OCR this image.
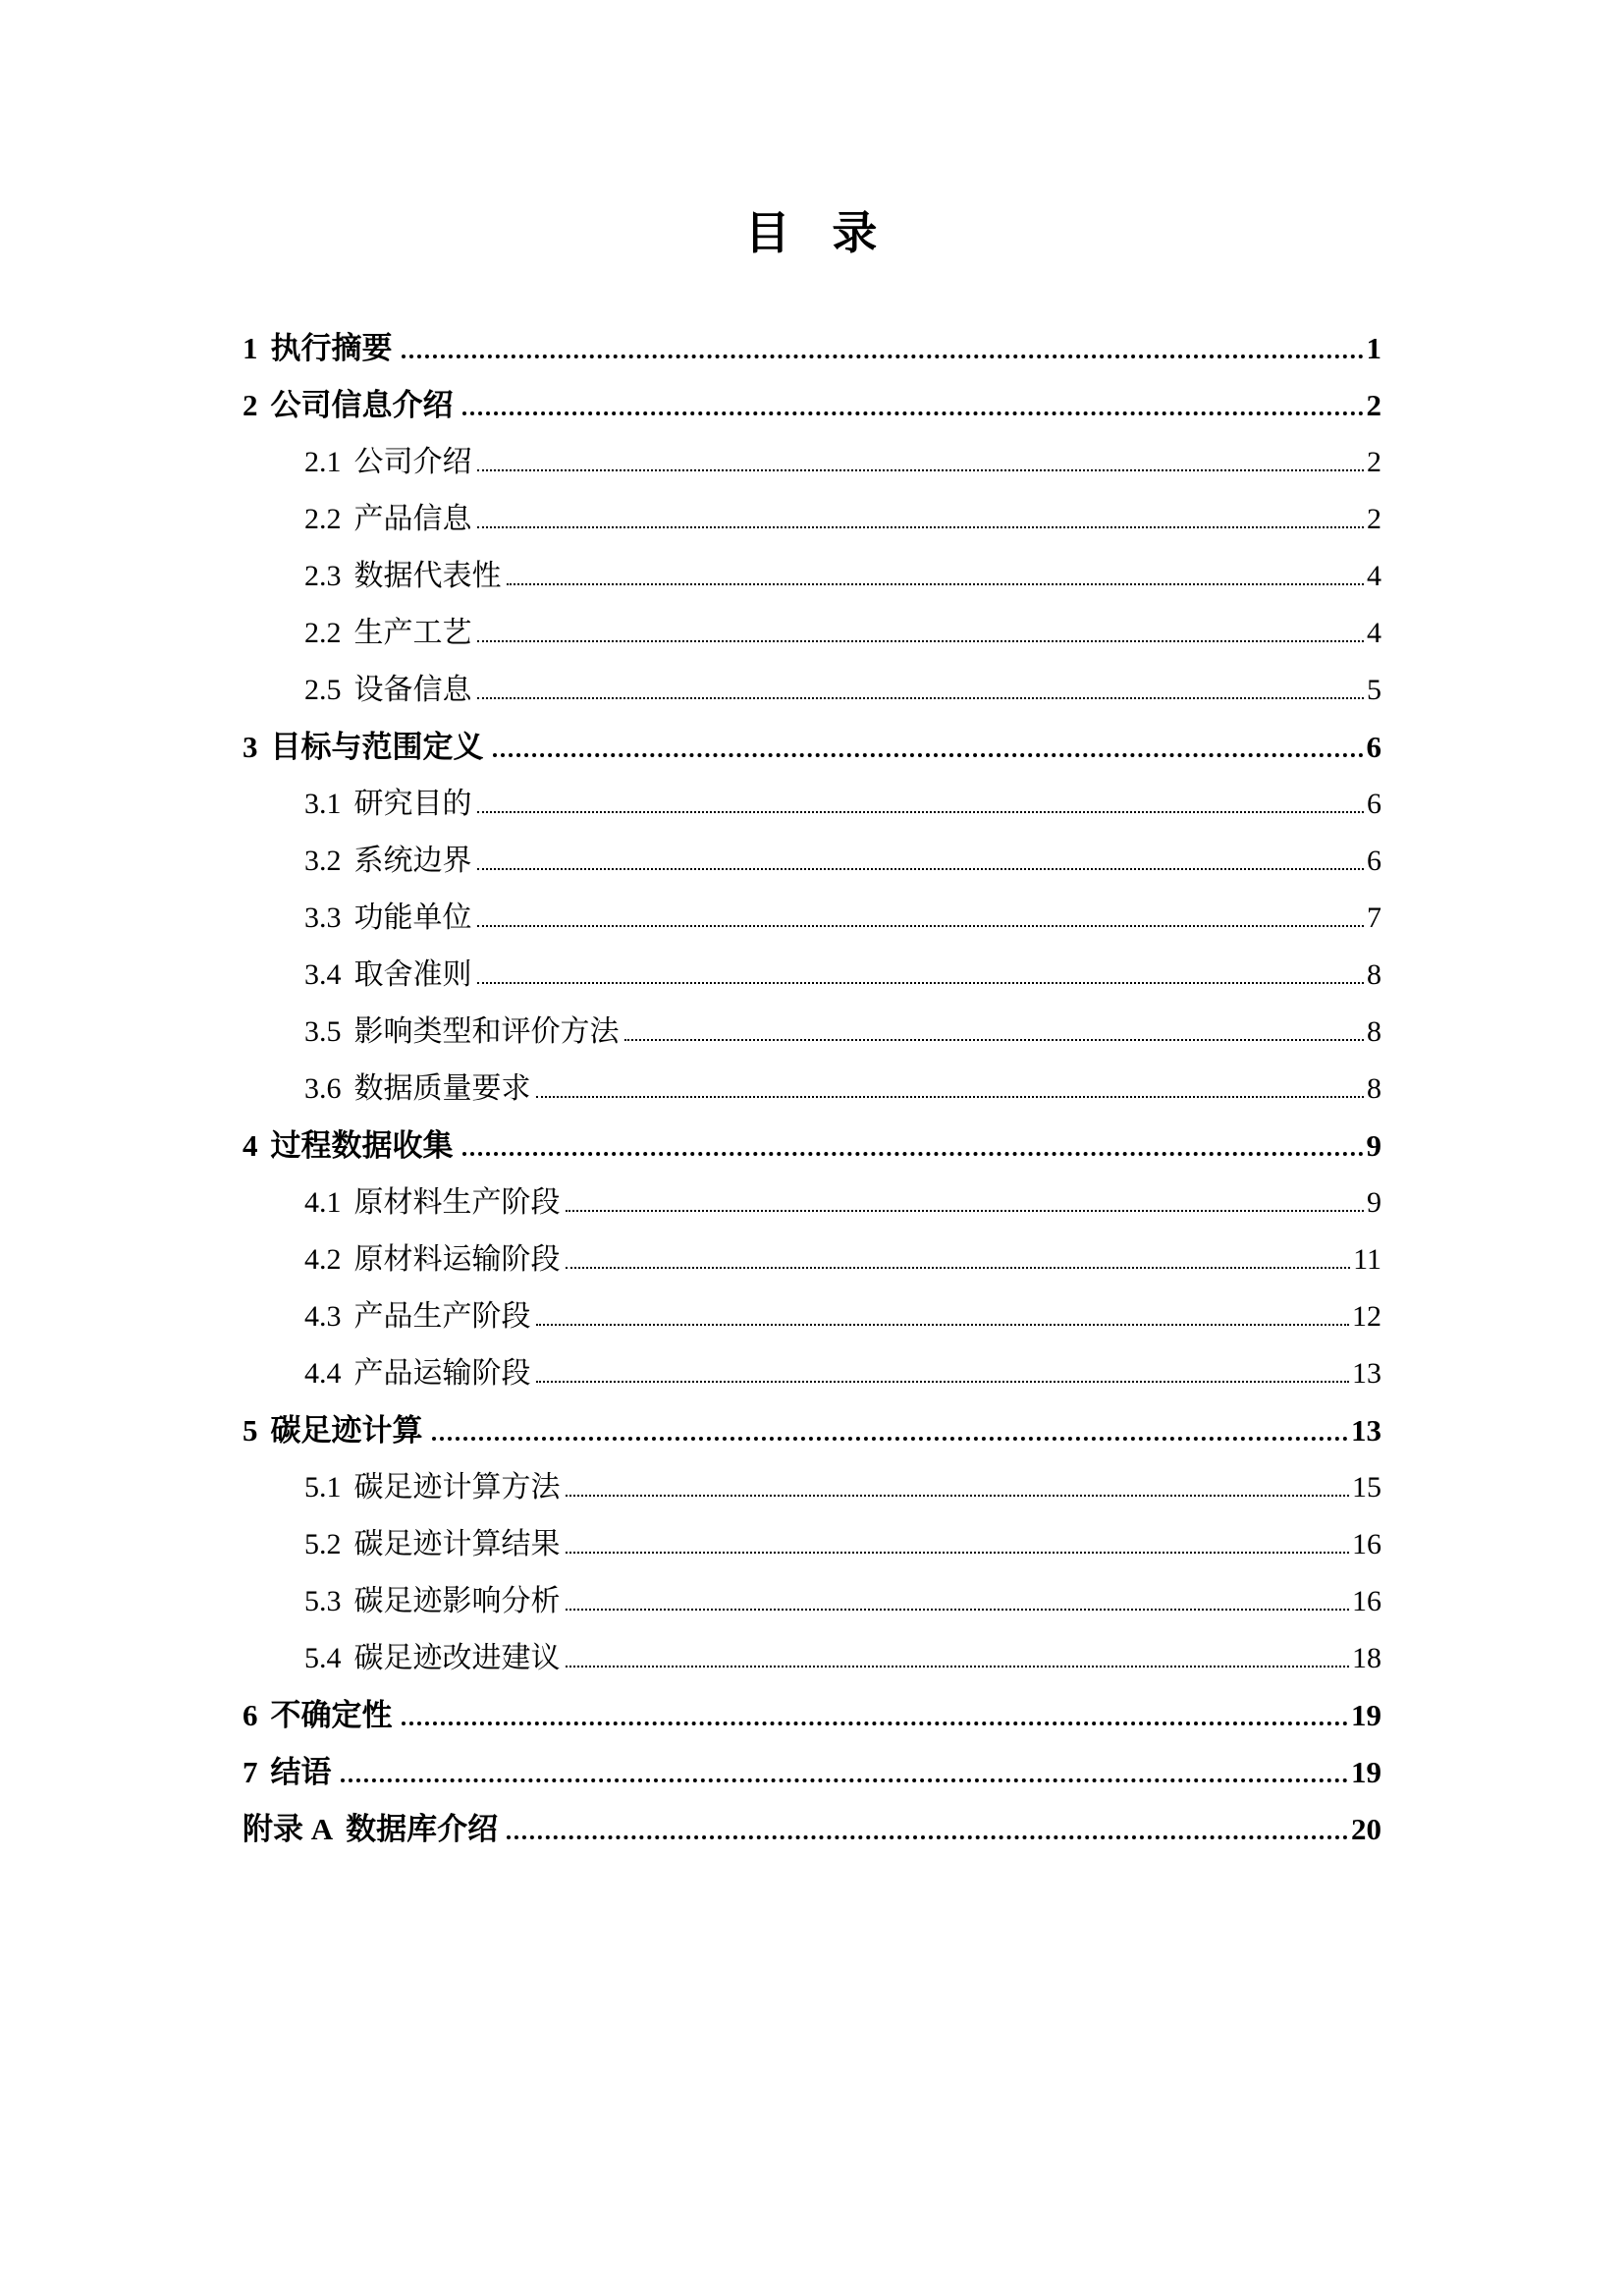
目 录
1 执行摘要	1
2 公司信息介绍	2
2.1 公司介绍	2
2.2 产品信息	2
2.3 数据代表性	4
2.2 生产工艺	4
2.5 设备信息	5
3 目标与范围定义	6
3.1 研究目的	6
3.2 系统边界	6
3.3 功能单位	7
3.4 取舍准则	8
3.5 影响类型和评价方法	8
3.6 数据质量要求	8
4 过程数据收集	9
4.1 原材料生产阶段	9
4.2 原材料运输阶段	11
4.3 产品生产阶段	12
4.4 产品运输阶段	13
5 碳足迹计算	13
5.1 碳足迹计算方法	15
5.2 碳足迹计算结果	16
5.3 碳足迹影响分析	16
5.4 碳足迹改进建议	18
6 不确定性	19
7 结语	19
附录 A 数据库介绍	20
